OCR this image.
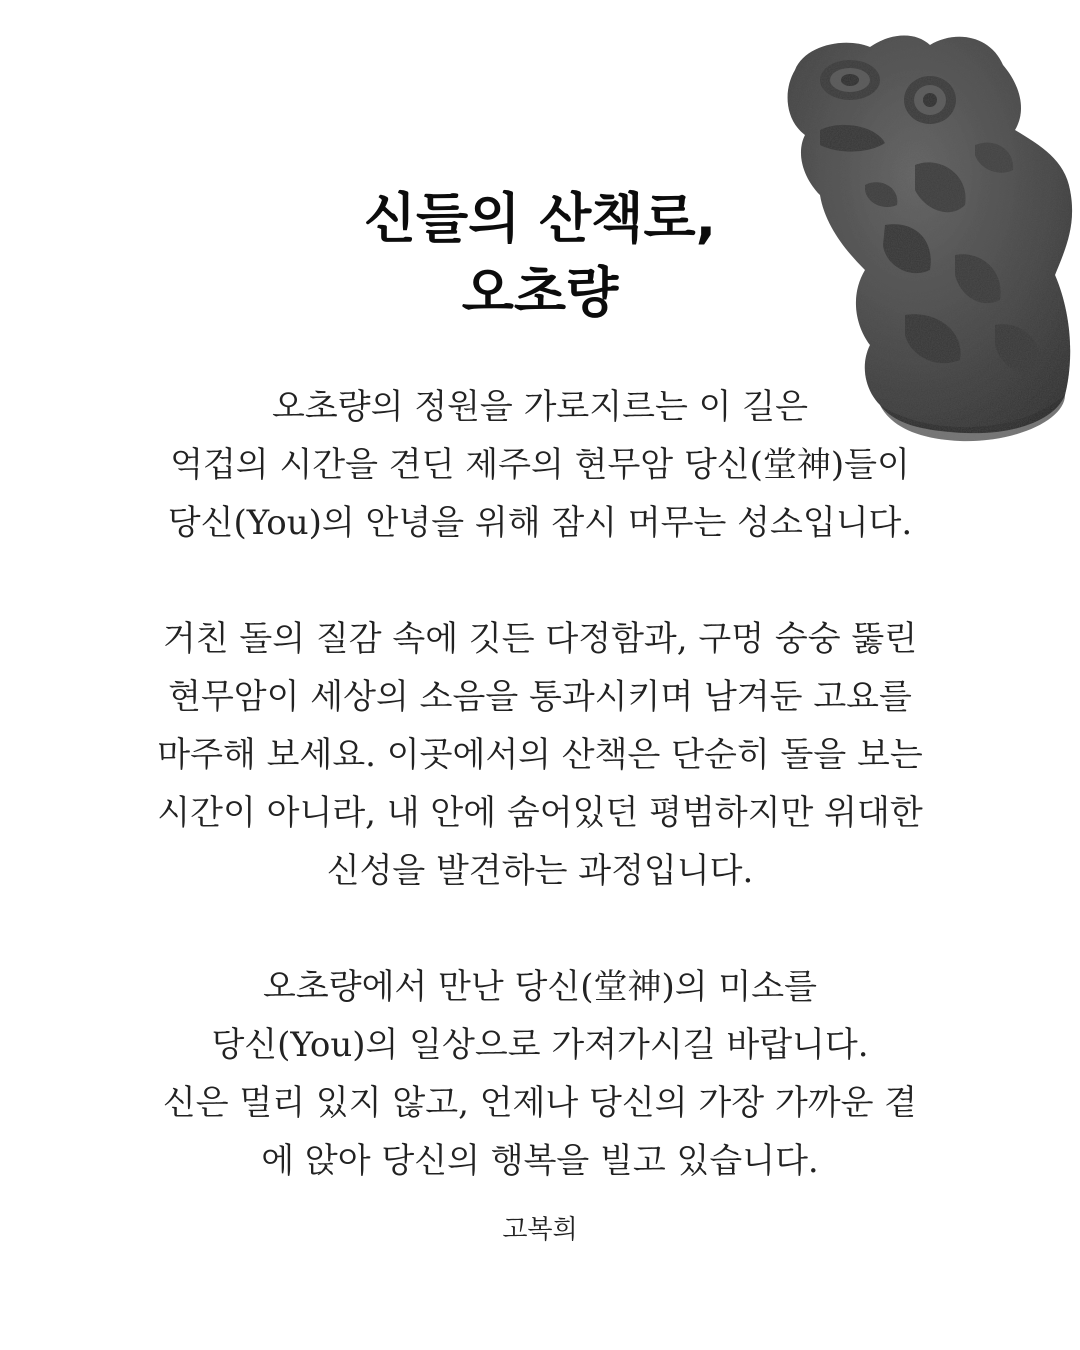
신들의 산책로,
오초량

오초량의 정원을 가로지르는 이 길은
억겁의 시간을 견딘 제주의 현무암 당신(堂神)들이
당신(You)의 안녕을 위해 잠시 머무는 성소입니다.

거친 돌의 질감 속에 깃든 다정함과, 구멍 숭숭 뚫린
현무암이 세상의 소음을 통과시키며 남겨둔 고요를
마주해 보세요. 이곳에서의 산책은 단순히 돌을 보는
시간이 아니라, 내 안에 숨어있던 평범하지만 위대한
신성을 발견하는 과정입니다.

오초량에서 만난 당신(堂神)의 미소를
당신(You)의 일상으로 가져가시길 바랍니다.
신은 멀리 있지 않고, 언제나 당신의 가장 가까운 곁
에 앉아 당신의 행복을 빌고 있습니다.

고복희
